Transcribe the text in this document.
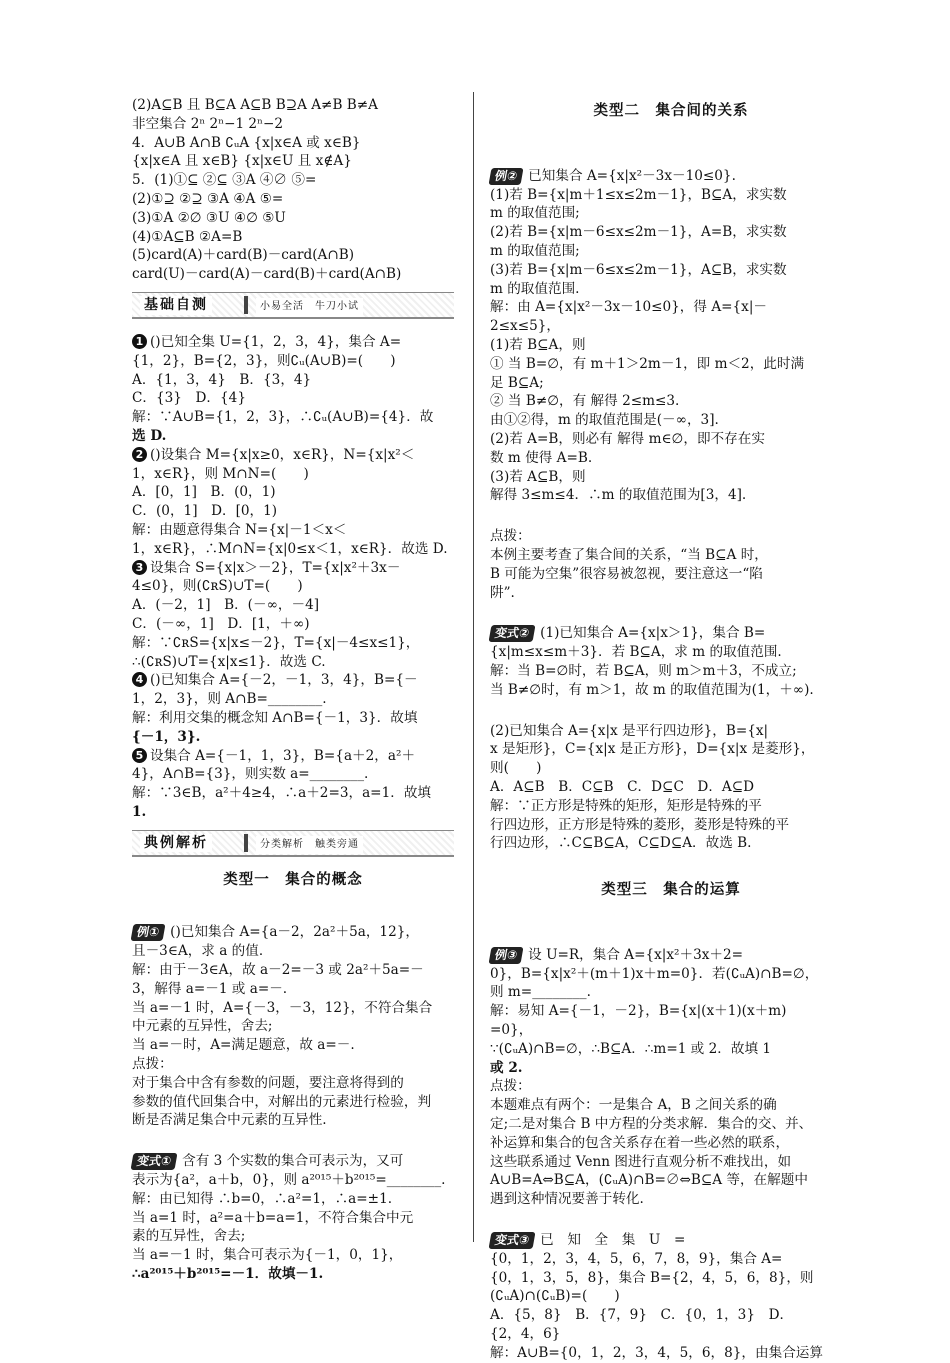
(2)A⊆B 且 B⊆A A⊆B B⊇A A≠B B≠A
非空集合 2ⁿ 2ⁿ−1 2ⁿ−2
4．A∪B A∩B ∁ᵤA {x|x∈A 或 x∈B}
{x|x∈A 且 x∈B} {x|x∈U 且 x∉A}
5．(1)①⊆ ②⊆ ③A ④∅ ⑤=
(2)①⊇ ②⊇ ③A ④A ⑤=
(3)①A ②∅ ③U ④∅ ⑤U
(4)①A⊆B ②A=B
(5)card(A)＋card(B)－card(A∩B)
card(U)－card(A)－card(B)＋card(A∩B)
基础自测	小易全活　牛刀小试
1 ()已知全集 U={1，2，3，4}，集合 A=
{1，2}，B={2，3}，则∁ᵤ(A∪B)=(　　)
A．{1，3，4}　B．{3，4}
C．{3}　D．{4}
解：∵A∪B={1，2，3}，∴∁ᵤ(A∪B)={4}．故
选 D.
2 ()设集合 M={x|x≥0，x∈R}，N={x|x²＜
1，x∈R}，则 M∩N=(　　)
A．[0，1]　B．(0，1)
C．(0，1]　D．[0，1)
解：由题意得集合 N={x|－1＜x＜
1，x∈R}，∴M∩N={x|0≤x＜1，x∈R}．故选 D.
3 设集合 S={x|x＞－2}，T={x|x²＋3x－
4≤0}，则(∁ʀS)∪T=(　　)
A．(－2，1]　B．(－∞，－4]
C．(－∞，1]　D．[1，＋∞)
解：∵∁ʀS={x|x≤－2}，T={x|－4≤x≤1}，
∴(∁ʀS)∪T={x|x≤1}．故选 C.
4 ()已知集合 A={－2，－1，3，4}，B={－
1，2，3}，则 A∩B=________.
解：利用交集的概念知 A∩B={－1，3}．故填
{－1，3}.
5 设集合 A={－1，1，3}，B={a＋2，a²＋
4}，A∩B={3}，则实数 a=________.
解：∵3∈B，a²＋4≥4，∴a＋2=3，a=1．故填
1.
典例解析	分类解析　触类旁通
类型一　集合的概念
例① ()已知集合 A={a－2，2a²＋5a，12}，
且－3∈A，求 a 的值．
解：由于－3∈A，故 a－2=－3 或 2a²＋5a=－
3，解得 a=－1 或 a=－.
当 a=－1 时，A={－3，－3，12}，不符合集合
中元素的互异性，舍去;
当 a=－时，A=满足题意，故 a=－.
点拨：
对于集合中含有参数的问题，要注意将得到的
参数的值代回集合中，对解出的元素进行检验，判
断是否满足集合中元素的互异性.
变式① 含有 3 个实数的集合可表示为，又可
表示为{a²，a＋b，0}，则 a²⁰¹⁵＋b²⁰¹⁵=________.
解：由已知得 ∴b=0，∴a²=1，∴a=±1.
当 a=1 时，a²=a＋b=a=1，不符合集合中元
素的互异性，舍去;
当 a=－1 时，集合可表示为{－1，0，1}，
∴a²⁰¹⁵＋b²⁰¹⁵=－1．故填－1.
类型二　集合间的关系
例② 已知集合 A={x|x²－3x－10≤0}.
(1)若 B={x|m＋1≤x≤2m－1}，B⊆A，求实数
m 的取值范围;
(2)若 B={x|m－6≤x≤2m－1}，A=B，求实数
m 的取值范围;
(3)若 B={x|m－6≤x≤2m－1}，A⊆B，求实数
m 的取值范围.
解：由 A={x|x²－3x－10≤0}，得 A={x|－
2≤x≤5}，
(1)若 B⊆A，则
① 当 B=∅，有 m＋1＞2m－1，即 m＜2，此时满
足 B⊆A;
② 当 B≠∅，有 解得 2≤m≤3.
由①②得，m 的取值范围是(－∞，3].
(2)若 A=B，则必有 解得 m∈∅，即不存在实
数 m 使得 A=B.
(3)若 A⊆B，则
解得 3≤m≤4．∴m 的取值范围为[3，4].
点拨：
本例主要考查了集合间的关系，“当 B⊆A 时，
B 可能为空集”很容易被忽视，要注意这一“陷
阱”.
变式② (1)已知集合 A={x|x＞1}，集合 B=
{x|m≤x≤m＋3}．若 B⊆A，求 m 的取值范围.
解：当 B=∅时，若 B⊆A，则 m＞m＋3，不成立;
当 B≠∅时，有 m＞1，故 m 的取值范围为(1，＋∞).
(2)已知集合 A={x|x 是平行四边形}，B={x|
x 是矩形}，C={x|x 是正方形}，D={x|x 是菱形}，
则(　　)
A．A⊆B　B．C⊆B　C．D⊆C　D．A⊆D
解：∵正方形是特殊的矩形，矩形是特殊的平
行四边形，正方形是特殊的菱形，菱形是特殊的平
行四边形，∴C⊆B⊆A，C⊆D⊆A．故选 B.
类型三　集合的运算
例③ 设 U=R，集合 A={x|x²＋3x＋2=
0}，B={x|x²＋(m＋1)x＋m=0}．若(∁ᵤA)∩B=∅，
则 m=________.
解：易知 A={－1，－2}，B={x|(x＋1)(x＋m)
=0}，
∵(∁ᵤA)∩B=∅，∴B⊆A．∴m=1 或 2．故填 1
或 2.
点拨：
本题难点有两个：一是集合 A，B 之间关系的确
定;二是对集合 B 中方程的分类求解．集合的交、并、
补运算和集合的包含关系存在着一些必然的联系，
这些联系通过 Venn 图进行直观分析不难找出，如
A∪B=A⇔B⊆A，(∁ᵤA)∩B=∅⇔B⊆A 等，在解题中
遇到这种情况要善于转化.
变式③ 已　知　全　集　U　=
{0，1，2，3，4，5，6，7，8，9}，集合 A=
{0，1，3，5，8}，集合 B={2，4，5，6，8}，则
(∁ᵤA)∩(∁ᵤB)=(　　)
A．{5，8}　B．{7，9}　C．{0，1，3}　D．
{2，4，6}
解：A∪B={0，1，2，3，4，5，6，8}，由集合运算
